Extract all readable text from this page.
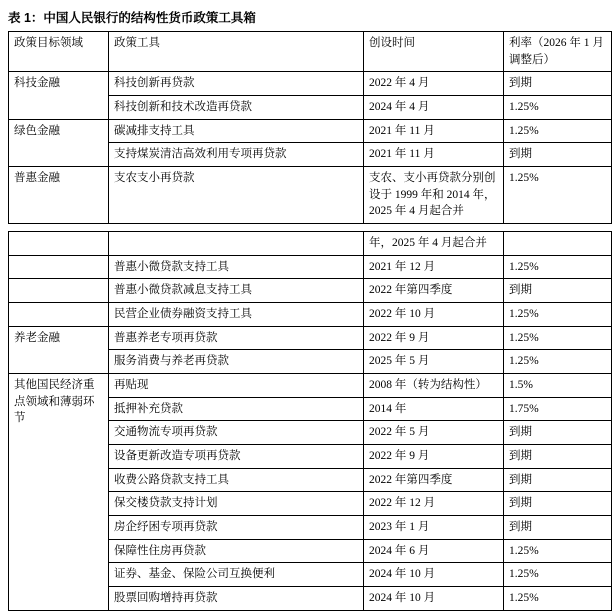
表 1：中国人民银行的结构性货币政策工具箱
政策目标领域	政策工具	创设时间	利率（2026 年 1 月调整后）
科技金融	科技创新再贷款	2022 年 4 月	到期
	科技创新和技术改造再贷款	2024 年 4 月	1.25%
绿色金融	碳减排支持工具	2021 年 11 月	1.25%
	支持煤炭清洁高效利用专项再贷款	2021 年 11 月	到期
普惠金融	支农支小再贷款	支农、支小再贷款分别创设于 1999 年和 2014 年，2025 年 4 月起合并	1.25%
		年，2025 年 4 月起合并	
	普惠小微贷款支持工具	2021 年 12 月	1.25%
	普惠小微贷款减息支持工具	2022 年第四季度	到期
	民营企业债券融资支持工具	2022 年 10 月	1.25%
养老金融	普惠养老专项再贷款	2022 年 9 月	1.25%
	服务消费与养老再贷款	2025 年 5 月	1.25%
其他国民经济重点领域和薄弱环节	再贴现	2008 年（转为结构性）	1.5%
	抵押补充贷款	2014 年	1.75%
	交通物流专项再贷款	2022 年 5 月	到期
	设备更新改造专项再贷款	2022 年 9 月	到期
	收费公路贷款支持工具	2022 年第四季度	到期
	保交楼贷款支持计划	2022 年 12 月	到期
	房企纾困专项再贷款	2023 年 1 月	到期
	保障性住房再贷款	2024 年 6 月	1.25%
	证券、基金、保险公司互换便利	2024 年 10 月	1.25%
	股票回购增持再贷款	2024 年 10 月	1.25%
